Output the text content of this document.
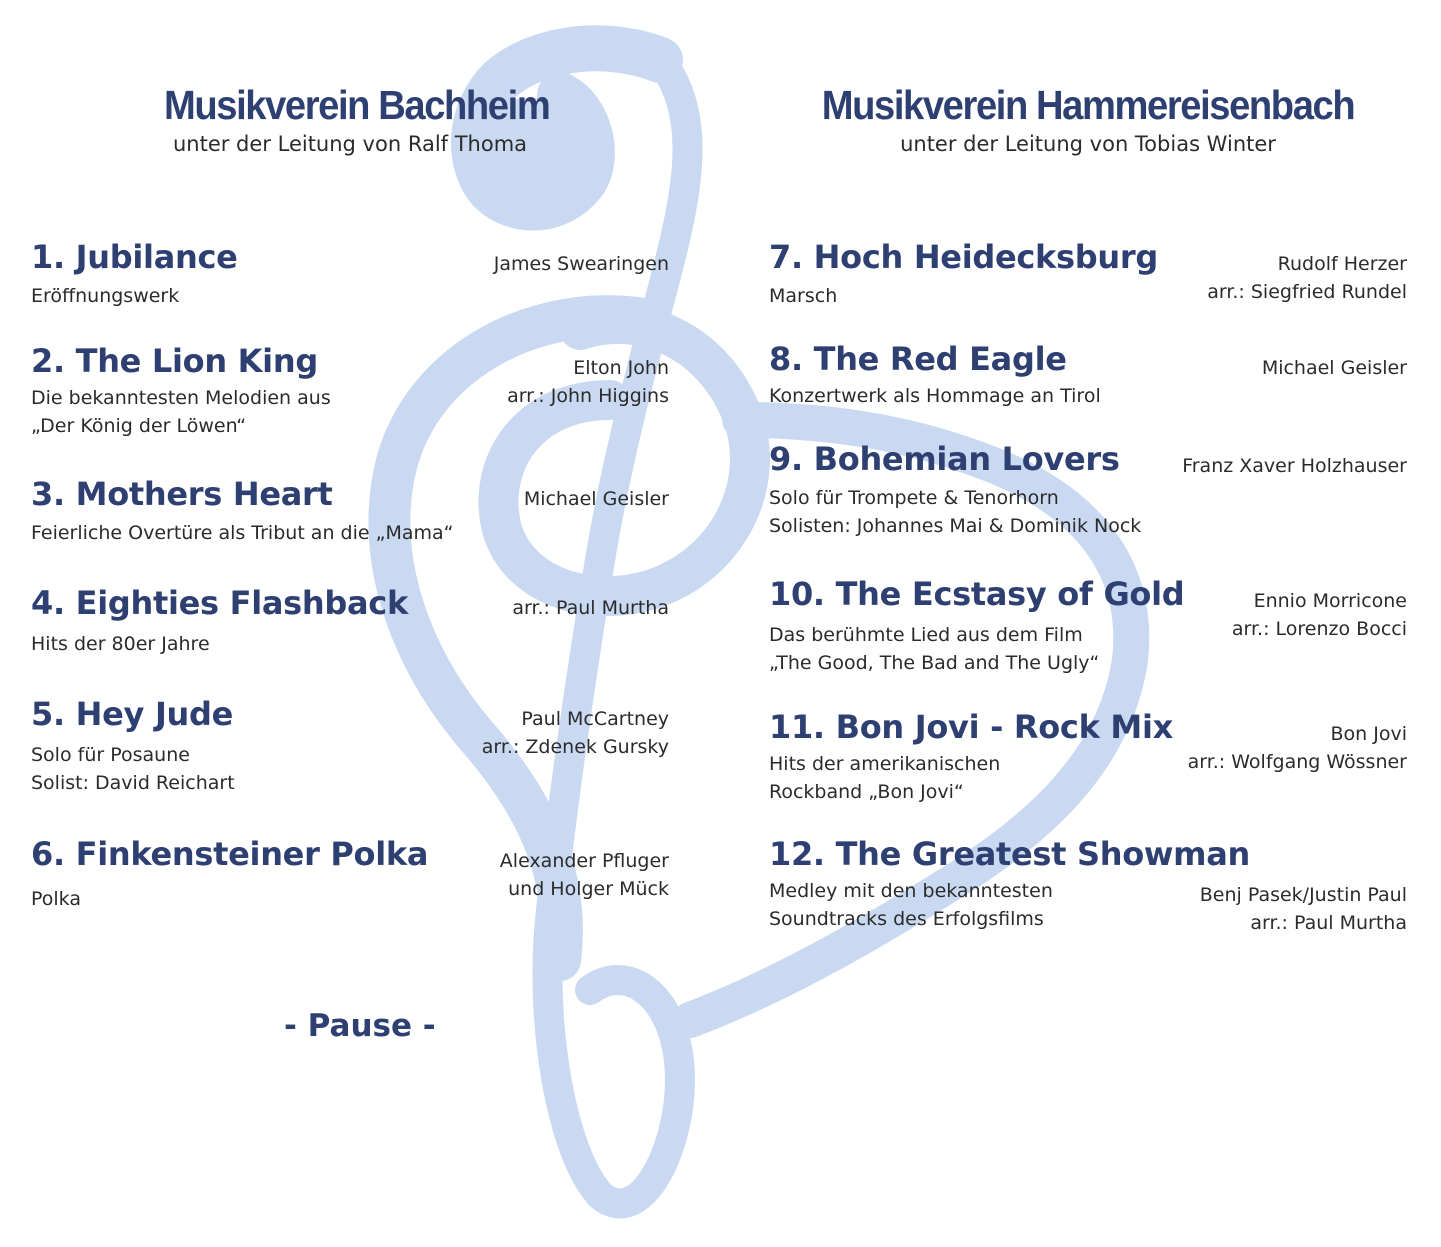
Musikverein Bachheim
unter der Leitung von Ralf Thoma
Musikverein Hammereisenbach
unter der Leitung von Tobias Winter
1. Jubilance
Eröffnungswerk
James Swearingen
2. The Lion King
Die bekanntesten Melodien aus
„Der König der Löwen“
Elton John
arr.: John Higgins
3. Mothers Heart
Feierliche Overtüre als Tribut an die „Mama“
Michael Geisler
4. Eighties Flashback
Hits der 80er Jahre
arr.: Paul Murtha
5. Hey Jude
Solo für Posaune
Solist: David Reichart
Paul McCartney
arr.: Zdenek Gursky
6. Finkensteiner Polka
Polka
Alexander Pfluger
und Holger Mück
7. Hoch Heidecksburg
Marsch
Rudolf Herzer
arr.: Siegfried Rundel
8. The Red Eagle
Konzertwerk als Hommage an Tirol
Michael Geisler
9. Bohemian Lovers
Solo für Trompete & Tenorhorn
Solisten: Johannes Mai & Dominik Nock
Franz Xaver Holzhauser
10. The Ecstasy of Gold
Das berühmte Lied aus dem Film
„The Good, The Bad and The Ugly“
Ennio Morricone
arr.: Lorenzo Bocci
11. Bon Jovi - Rock Mix
Hits der amerikanischen
Rockband „Bon Jovi“
Bon Jovi
arr.: Wolfgang Wössner
12. The Greatest Showman
Medley mit den bekanntesten
Soundtracks des Erfolgsfilms
Benj Pasek/Justin Paul
arr.: Paul Murtha
- Pause -
